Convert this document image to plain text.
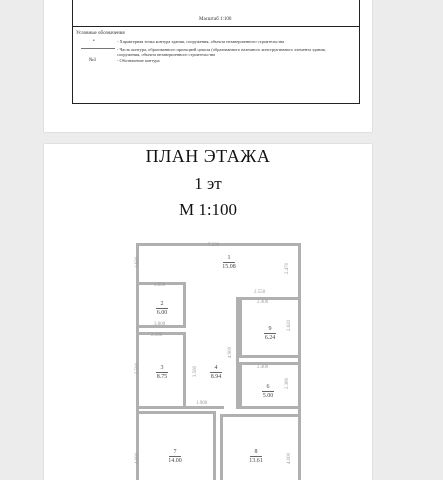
Масштаб 1:100
Условные обозначения
•	- Характерная точка контура здания, сооружения, объекта незавершенного строительства
- Часть контура, образованного проекцией цоколя (образованного наземного конструктивного элемента здания, сооружения, объекта незавершенного строительства
№1	- Обозначение контура
ПЛАН ЭТАЖА
1 эт
М 1:100
7.200
1.620
2.470
3.000
2.550
2.400
3.000
2.500
2.620
4.900
3.500	3.560	2.400
2.380
1.900
4.000	4.000
1
15.08
2
6.00
9
6.24
3
8.75
4
8.94
6
5.00
7
14.00
8
13.61
